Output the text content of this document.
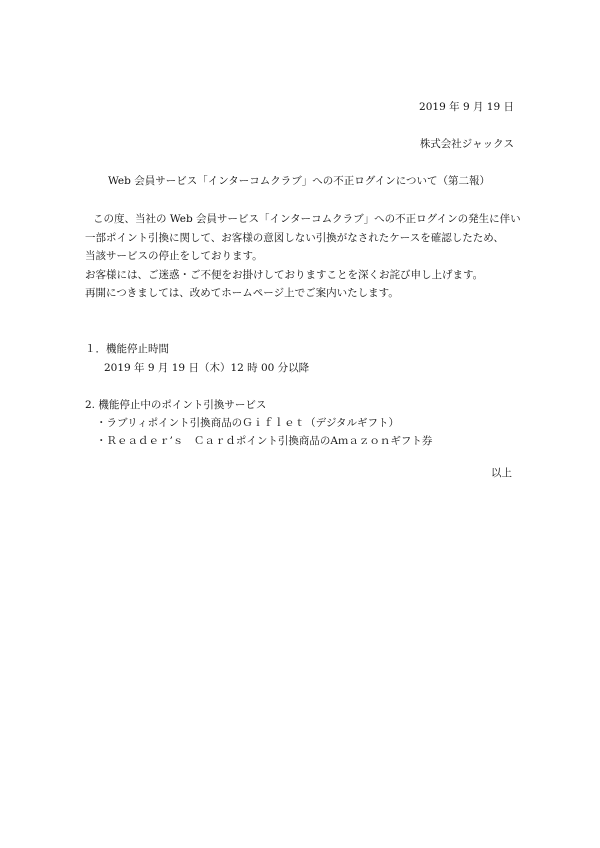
2019 年 9 月 19 日
株式会社ジャックス
Web 会員サービス「インターコムクラブ」への不正ログインについて（第二報）
この度、当社の Web 会員サービス「インターコムクラブ」への不正ログインの発生に伴い
一部ポイント引換に関して、お客様の意図しない引換がなされたケースを確認したため、
当該サービスの停止をしております。
お客様には、ご迷惑・ご不便をお掛けしておりますことを深くお詫び申し上げます。
再開につきましては、改めてホームページ上でご案内いたします。
１．機能停止時間
2019 年 9 月 19 日（木）12 時 00 分以降
2. 機能停止中のポイント引換サービス
・ラブリィポイント引換商品のＧｉｆｌｅｔ（デジタルギフト）
・Ｒｅａｄｅｒ’ｓ　Ｃａｒｄポイント引換商品のAｍａｚｏｎギフト券
以上
